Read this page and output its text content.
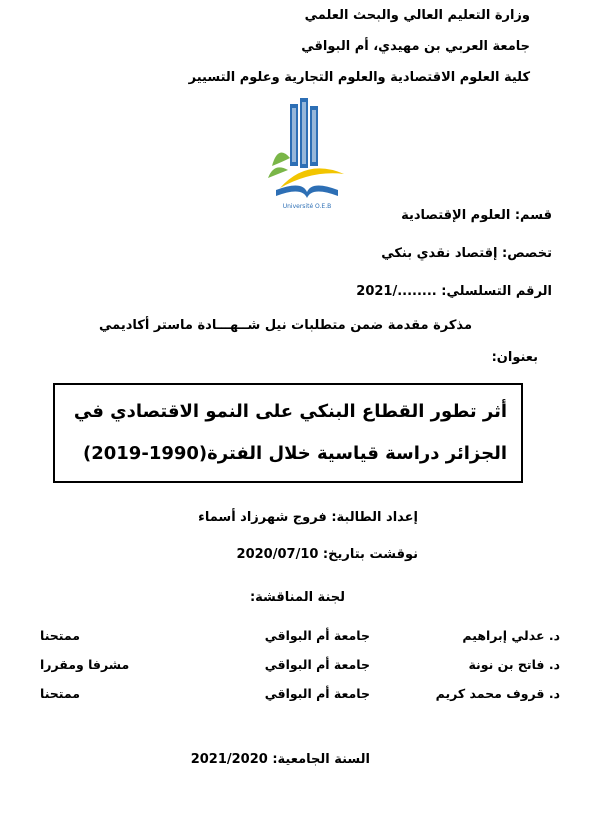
وزارة التعليم العالي والبحث العلمي
جامعة العربي بن مهيدي، أم البواقي
كلية العلوم الاقتصادية والعلوم التجارية وعلوم التسيير
Université O.E.B
قسم: العلوم الإقتصادية
تخصص: إقتصاد نقدي بنكي
الرقم التسلسلي: ......../2021
مذكرة مقدمة ضمن متطلبات نيل شــهـــادة ماستر أكاديمي
بعنوان:
أثر تطور القطاع البنكي على النمو الاقتصادي في
الجزائر دراسة قياسية خلال الفترة(1990-2019)
إعداد الطالبة: فروج شهرزاد أسماء
نوقشت بتاريخ: 2020/07/10
لجنة المناقشة:
د. عدلي إبراهيم
جامعة أم البواقي
ممتحنا
د. فاتح بن نونة
جامعة أم البواقي
مشرفا ومقررا
د. قروف محمد كريم
جامعة أم البواقي
ممتحنا
السنة الجامعية: 2021/2020
